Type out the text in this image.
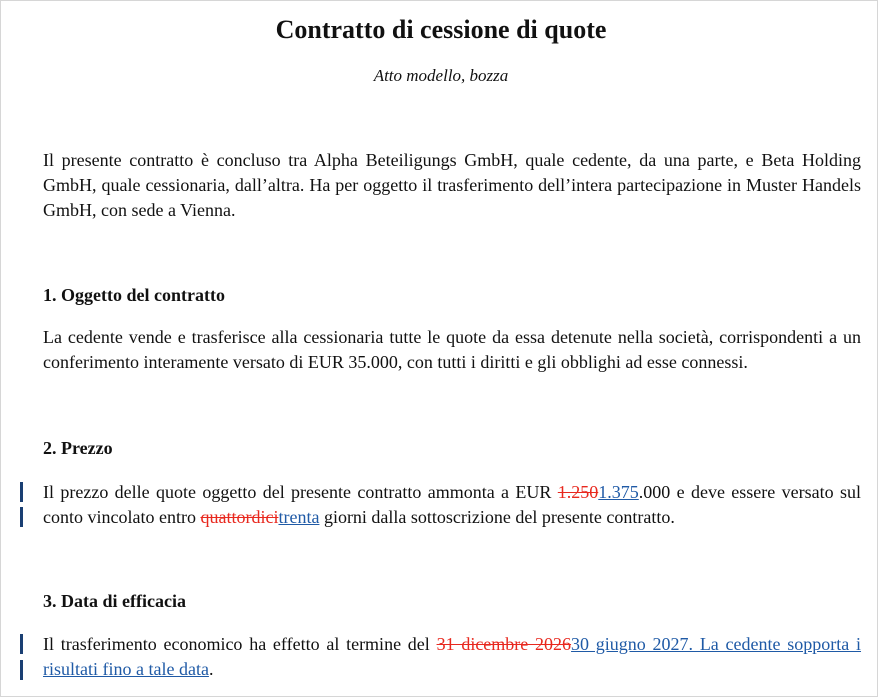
Contratto di cessione di quote

Atto modello, bozza

Il presente contratto è concluso tra Alpha Beteiligungs GmbH, quale cedente, da una parte, e Beta Holding GmbH, quale cessionaria, dall’altra. Ha per oggetto il trasferimento dell’intera partecipazione in Muster Handels GmbH, con sede a Vienna.

1. Oggetto del contratto

La cedente vende e trasferisce alla cessionaria tutte le quote da essa detenute nella società, corrispondenti a un conferimento interamente versato di EUR 35.000, con tutti i diritti e gli obblighi ad esse connessi.

2. Prezzo

Il prezzo delle quote oggetto del presente contratto ammonta a EUR 1.2501.375.000 e deve essere versato sul conto vincolato entro quattordicitrenta giorni dalla sottoscrizione del presente contratto.

3. Data di efficacia

Il trasferimento economico ha effetto al termine del 31 dicembre 202630 giugno 2027. La cedente sopporta i risultati fino a tale data.
